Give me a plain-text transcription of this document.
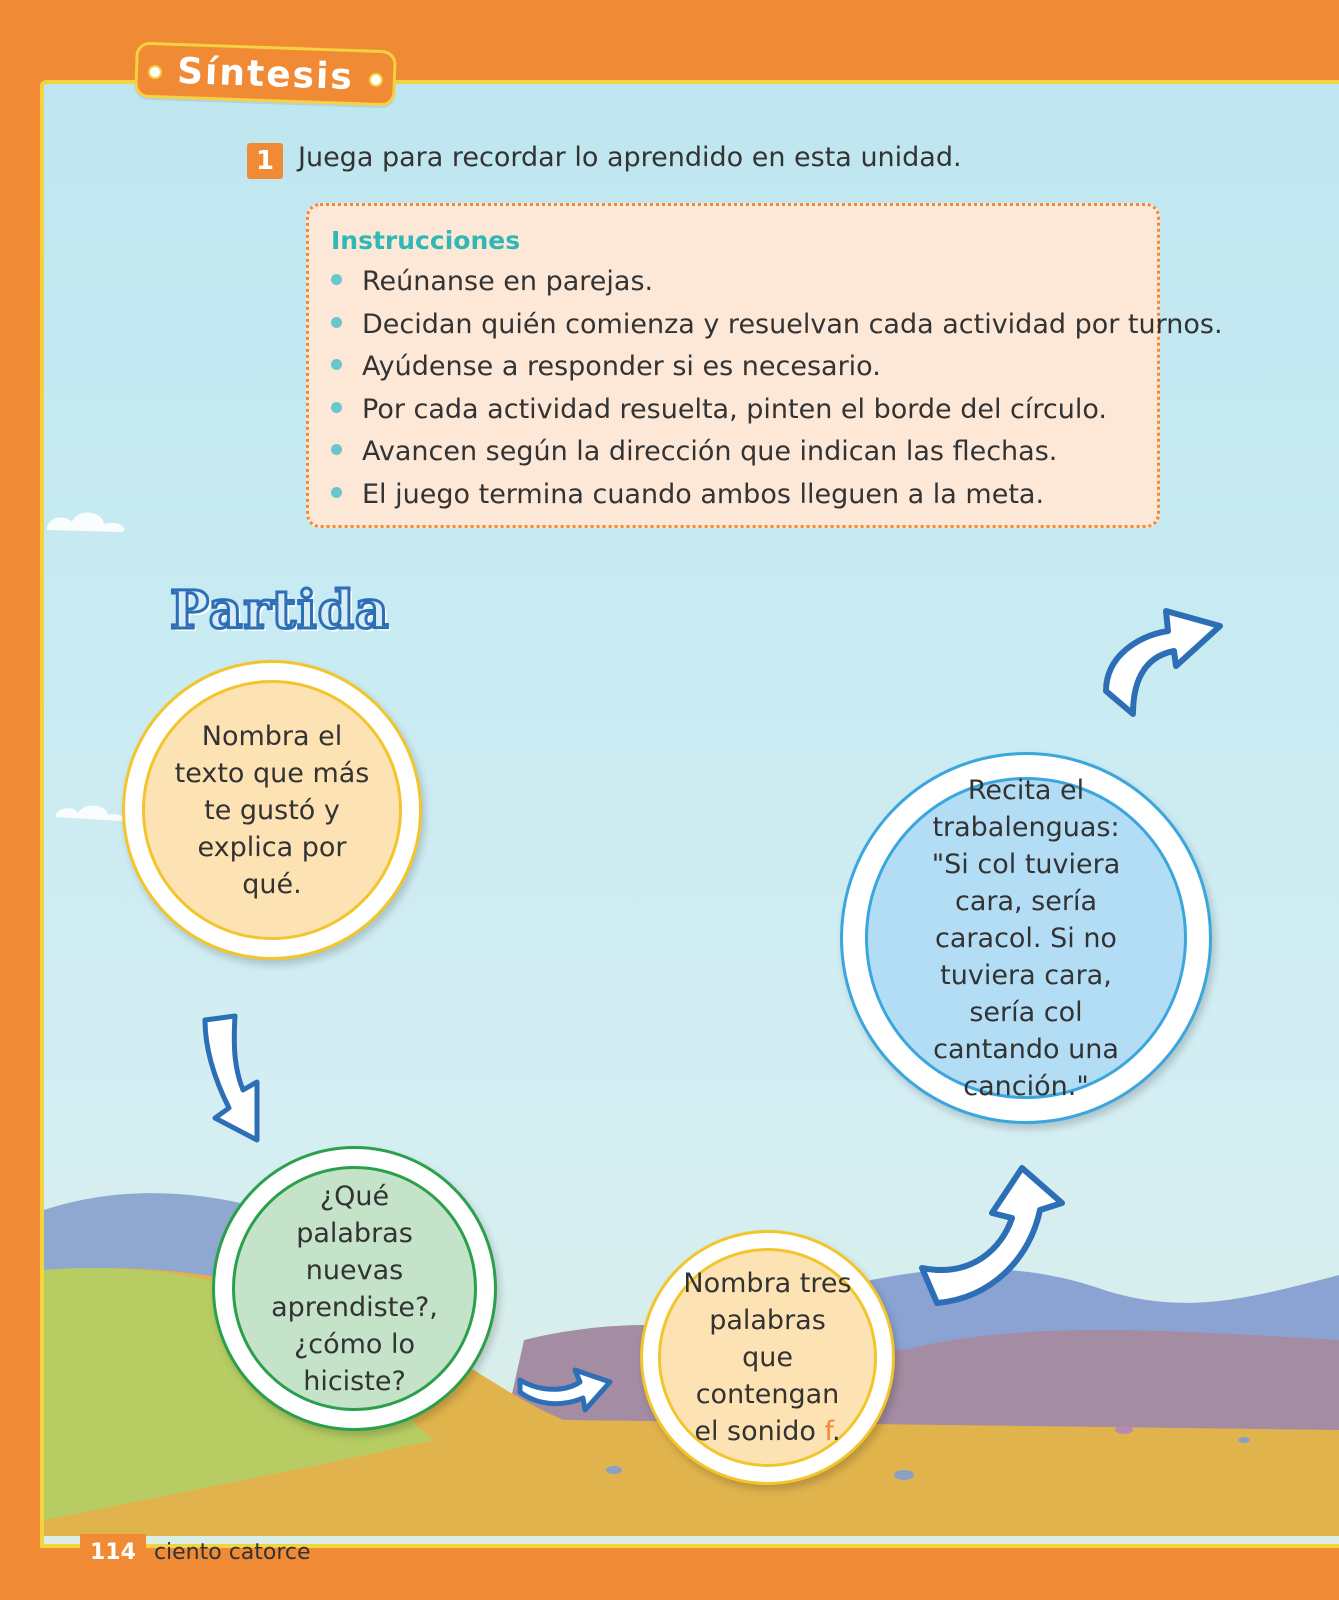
Síntesis
1 Juega para recordar lo aprendido en esta unidad.
Instrucciones
Reúnanse en parejas.
Decidan quién comienza y resuelvan cada actividad por turnos.
Ayúdense a responder si es necesario.
Por cada actividad resuelta, pinten el borde del círculo.
Avancen según la dirección que indican las flechas.
El juego termina cuando ambos lleguen a la meta.
Partida
Nombra el texto que más te gustó y explica por qué.
Recita el trabalenguas: "Si col tuviera cara, sería caracol. Si no tuviera cara, sería col cantando una canción."
¿Qué palabras nuevas aprendiste?, ¿cómo lo hiciste?
Nombra tres palabras que contengan el sonido f.
114 ciento catorce
